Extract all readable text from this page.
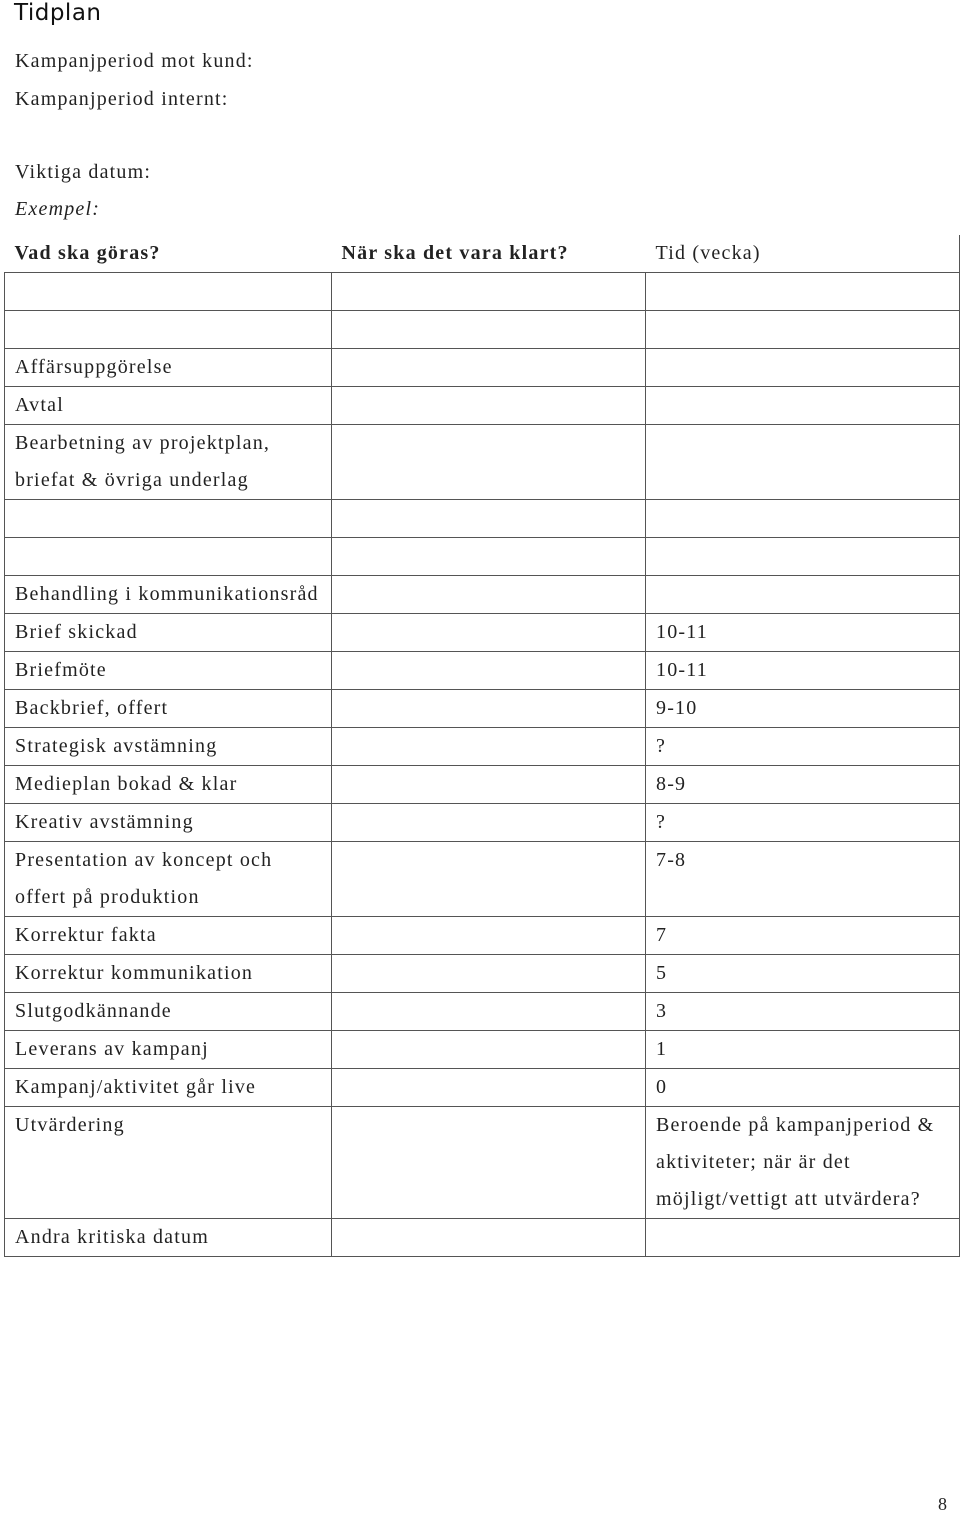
Tidplan
Kampanjperiod mot kund:
Kampanjperiod internt:
Viktiga datum:
Exempel:
Vad ska göras?	När ska det vara klart?	Tid (vecka)

Affärsuppgörelse		
Avtal		
Bearbetning av projektplan, briefat & övriga underlag		

Behandling i kommunikationsråd		
Brief skickad		10-11
Briefmöte		10-11
Backbrief, offert		9-10
Strategisk avstämning		?
Medieplan bokad & klar		8-9
Kreativ avstämning		?
Presentation av koncept och offert på produktion		7-8
Korrektur fakta		7
Korrektur kommunikation		5
Slutgodkännande		3
Leverans av kampanj		1
Kampanj/aktivitet går live		0
Utvärdering		Beroende på kampanjperiod & aktiviteter; när är det möjligt/vettigt att utvärdera?
Andra kritiska datum		
8
